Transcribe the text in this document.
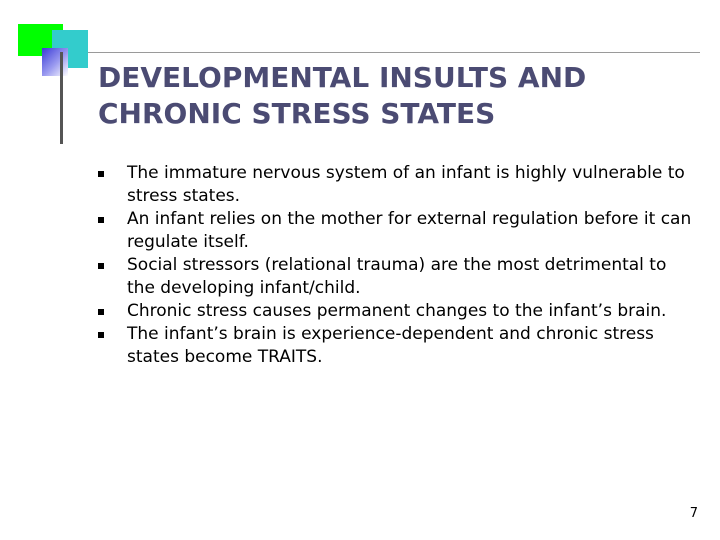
DEVELOPMENTAL INSULTS AND
CHRONIC STRESS STATES
The immature nervous system of an infant is highly vulnerable to stress states.
An infant relies on the mother for external regulation before it can regulate itself.
Social stressors (relational trauma) are the most detrimental to the developing infant/child.
Chronic stress causes permanent changes to the infant’s brain.
The infant’s brain is experience-dependent and chronic stress states become TRAITS.
7
